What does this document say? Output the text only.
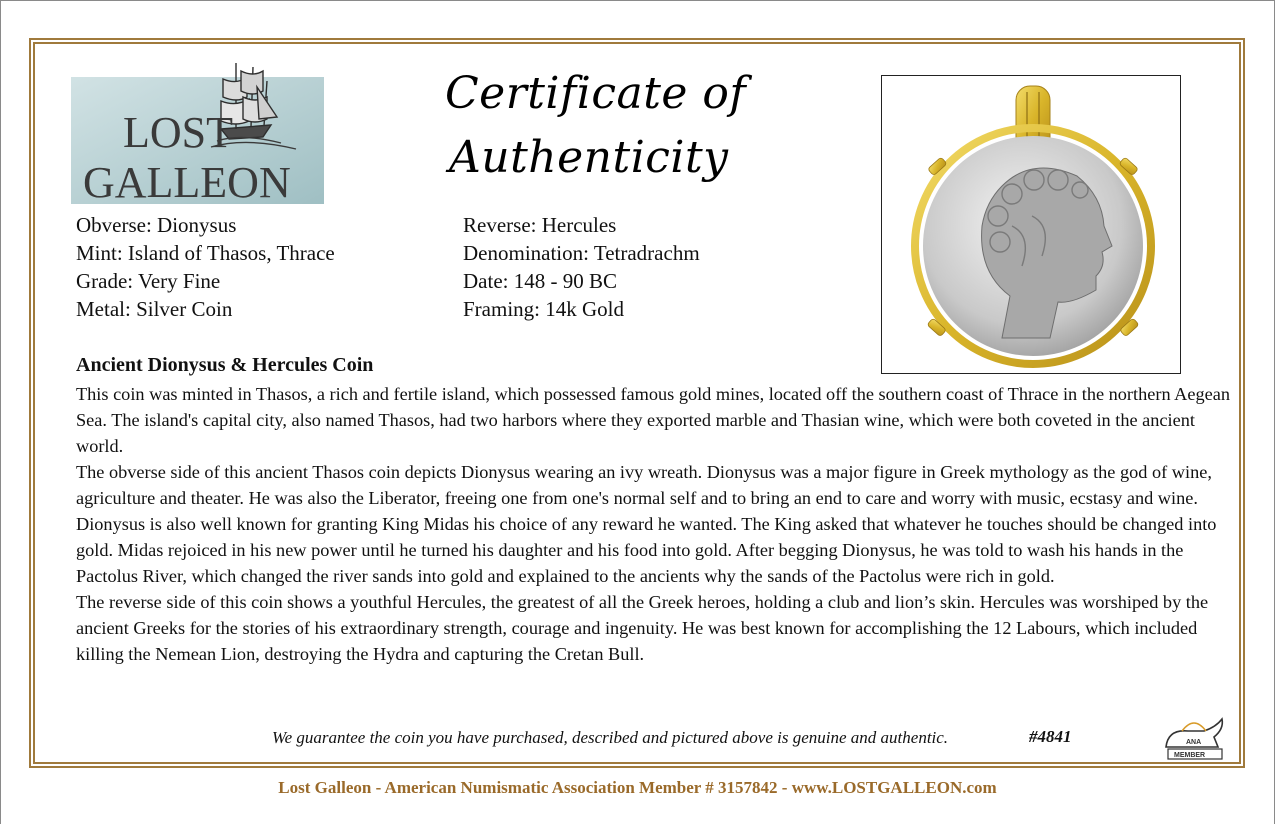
LOST
GALLEON
Certificate of
Authenticity
Obverse: Dionysus
Mint: Island of Thasos, Thrace
Grade: Very Fine
Metal: Silver Coin
Reverse: Hercules
Denomination: Tetradrachm
Date: 148 - 90 BC
Framing: 14k Gold
Ancient Dionysus & Hercules Coin

This coin was minted in Thasos, a rich and fertile island, which possessed famous gold mines, located off the southern coast of Thrace in the northern Aegean Sea. The island's capital city, also named Thasos, had two harbors where they exported marble and Thasian wine, which were both coveted in the ancient world.

The obverse side of this ancient Thasos coin depicts Dionysus wearing an ivy wreath. Dionysus was a major figure in Greek mythology as the god of wine, agriculture and theater. He was also the Liberator, freeing one from one's normal self and to bring an end to care and worry with music, ecstasy and wine. Dionysus is also well known for granting King Midas his choice of any reward he wanted. The King asked that whatever he touches should be changed into gold. Midas rejoiced in his new power until he turned his daughter and his food into gold. After begging Dionysus, he was told to wash his hands in the Pactolus River, which changed the river sands into gold and explained to the ancients why the sands of the Pactolus were rich in gold.

The reverse side of this coin shows a youthful Hercules, the greatest of all the Greek heroes, holding a club and lion’s skin. Hercules was worshiped by the ancient Greeks for the stories of his extraordinary strength, courage and ingenuity. He was best known for accomplishing the 12 Labours, which included killing the Nemean Lion, destroying the Hydra and capturing the Cretan Bull.

We guarantee the coin you have purchased, described and pictured above is genuine and authentic.	#4841	ANA
MEMBER
Lost Galleon - American Numismatic Association Member # 3157842 - www.LOSTGALLEON.com
